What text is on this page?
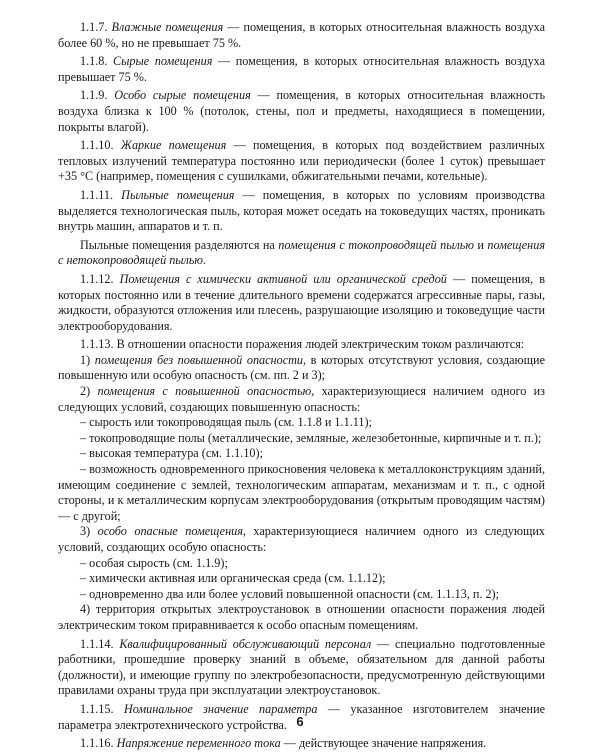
1.1.7. Влажные помещения — помещения, в которых относительная влажность воздуха более 60 %, но не превышает 75 %.

1.1.8. Сырые помещения — помещения, в которых относительная влажность воздуха превышает 75 %.

1.1.9. Особо сырые помещения — помещения, в которых относительная влажность воздуха близка к 100 % (потолок, стены, пол и предметы, находящиеся в помещении, покрыты влагой).

1.1.10. Жаркие помещения — помещения, в которых под воздействием различных тепловых излучений температура постоянно или периодически (более 1 суток) превышает +35 °C (например, помещения с сушилками, обжигательными печами, котельные).

1.1.11. Пыльные помещения — помещения, в которых по условиям производства выделяется технологическая пыль, которая может оседать на токоведущих частях, проникать внутрь машин, аппаратов и т. п.

Пыльные помещения разделяются на помещения с токопроводящей пылью и помещения с нетокопроводящей пылью.

1.1.12. Помещения с химически активной или органической средой — помещения, в которых постоянно или в течение длительного времени содержатся агрессивные пары, газы, жидкости, образуются отложения или плесень, разрушающие изоляцию и токоведущие части электрооборудования.

1.1.13. В отношении опасности поражения людей электрическим током различаются:

1) помещения без повышенной опасности, в которых отсутствуют условия, создающие повышенную или особую опасность (см. пп. 2 и 3);

2) помещения с повышенной опасностью, характеризующиеся наличием одного из следующих условий, создающих повышенную опасность:

– сырость или токопроводящая пыль (см. 1.1.8 и 1.1.11);

– токопроводящие полы (металлические, земляные, железобетонные, кирпичные и т. п.);

– высокая температура (см. 1.1.10);

– возможность одновременного прикосновения человека к металлоконструкциям зданий, имеющим соединение с землей, технологическим аппаратам, механизмам и т. п., с одной стороны, и к металлическим корпусам электрооборудования (открытым проводящим частям) — с другой;

3) особо опасные помещения, характеризующиеся наличием одного из следующих условий, создающих особую опасность:

– особая сырость (см. 1.1.9);

– химически активная или органическая среда (см. 1.1.12);

– одновременно два или более условий повышенной опасности (см. 1.1.13, п. 2);

4) территория открытых электроустановок в отношении опасности поражения людей электрическим током приравнивается к особо опасным помещениям.

1.1.14. Квалифицированный обслуживающий персонал — специально подготовленные работники, прошедшие проверку знаний в объеме, обязательном для данной работы (должности), и имеющие группу по электробезопасности, предусмотренную действующими правилами охраны труда при эксплуатации электроустановок.

1.1.15. Номинальное значение параметра — указанное изготовителем значение параметра электротехнического устройства.

1.1.16. Напряжение переменного тока — действующее значение напряжения.

6
